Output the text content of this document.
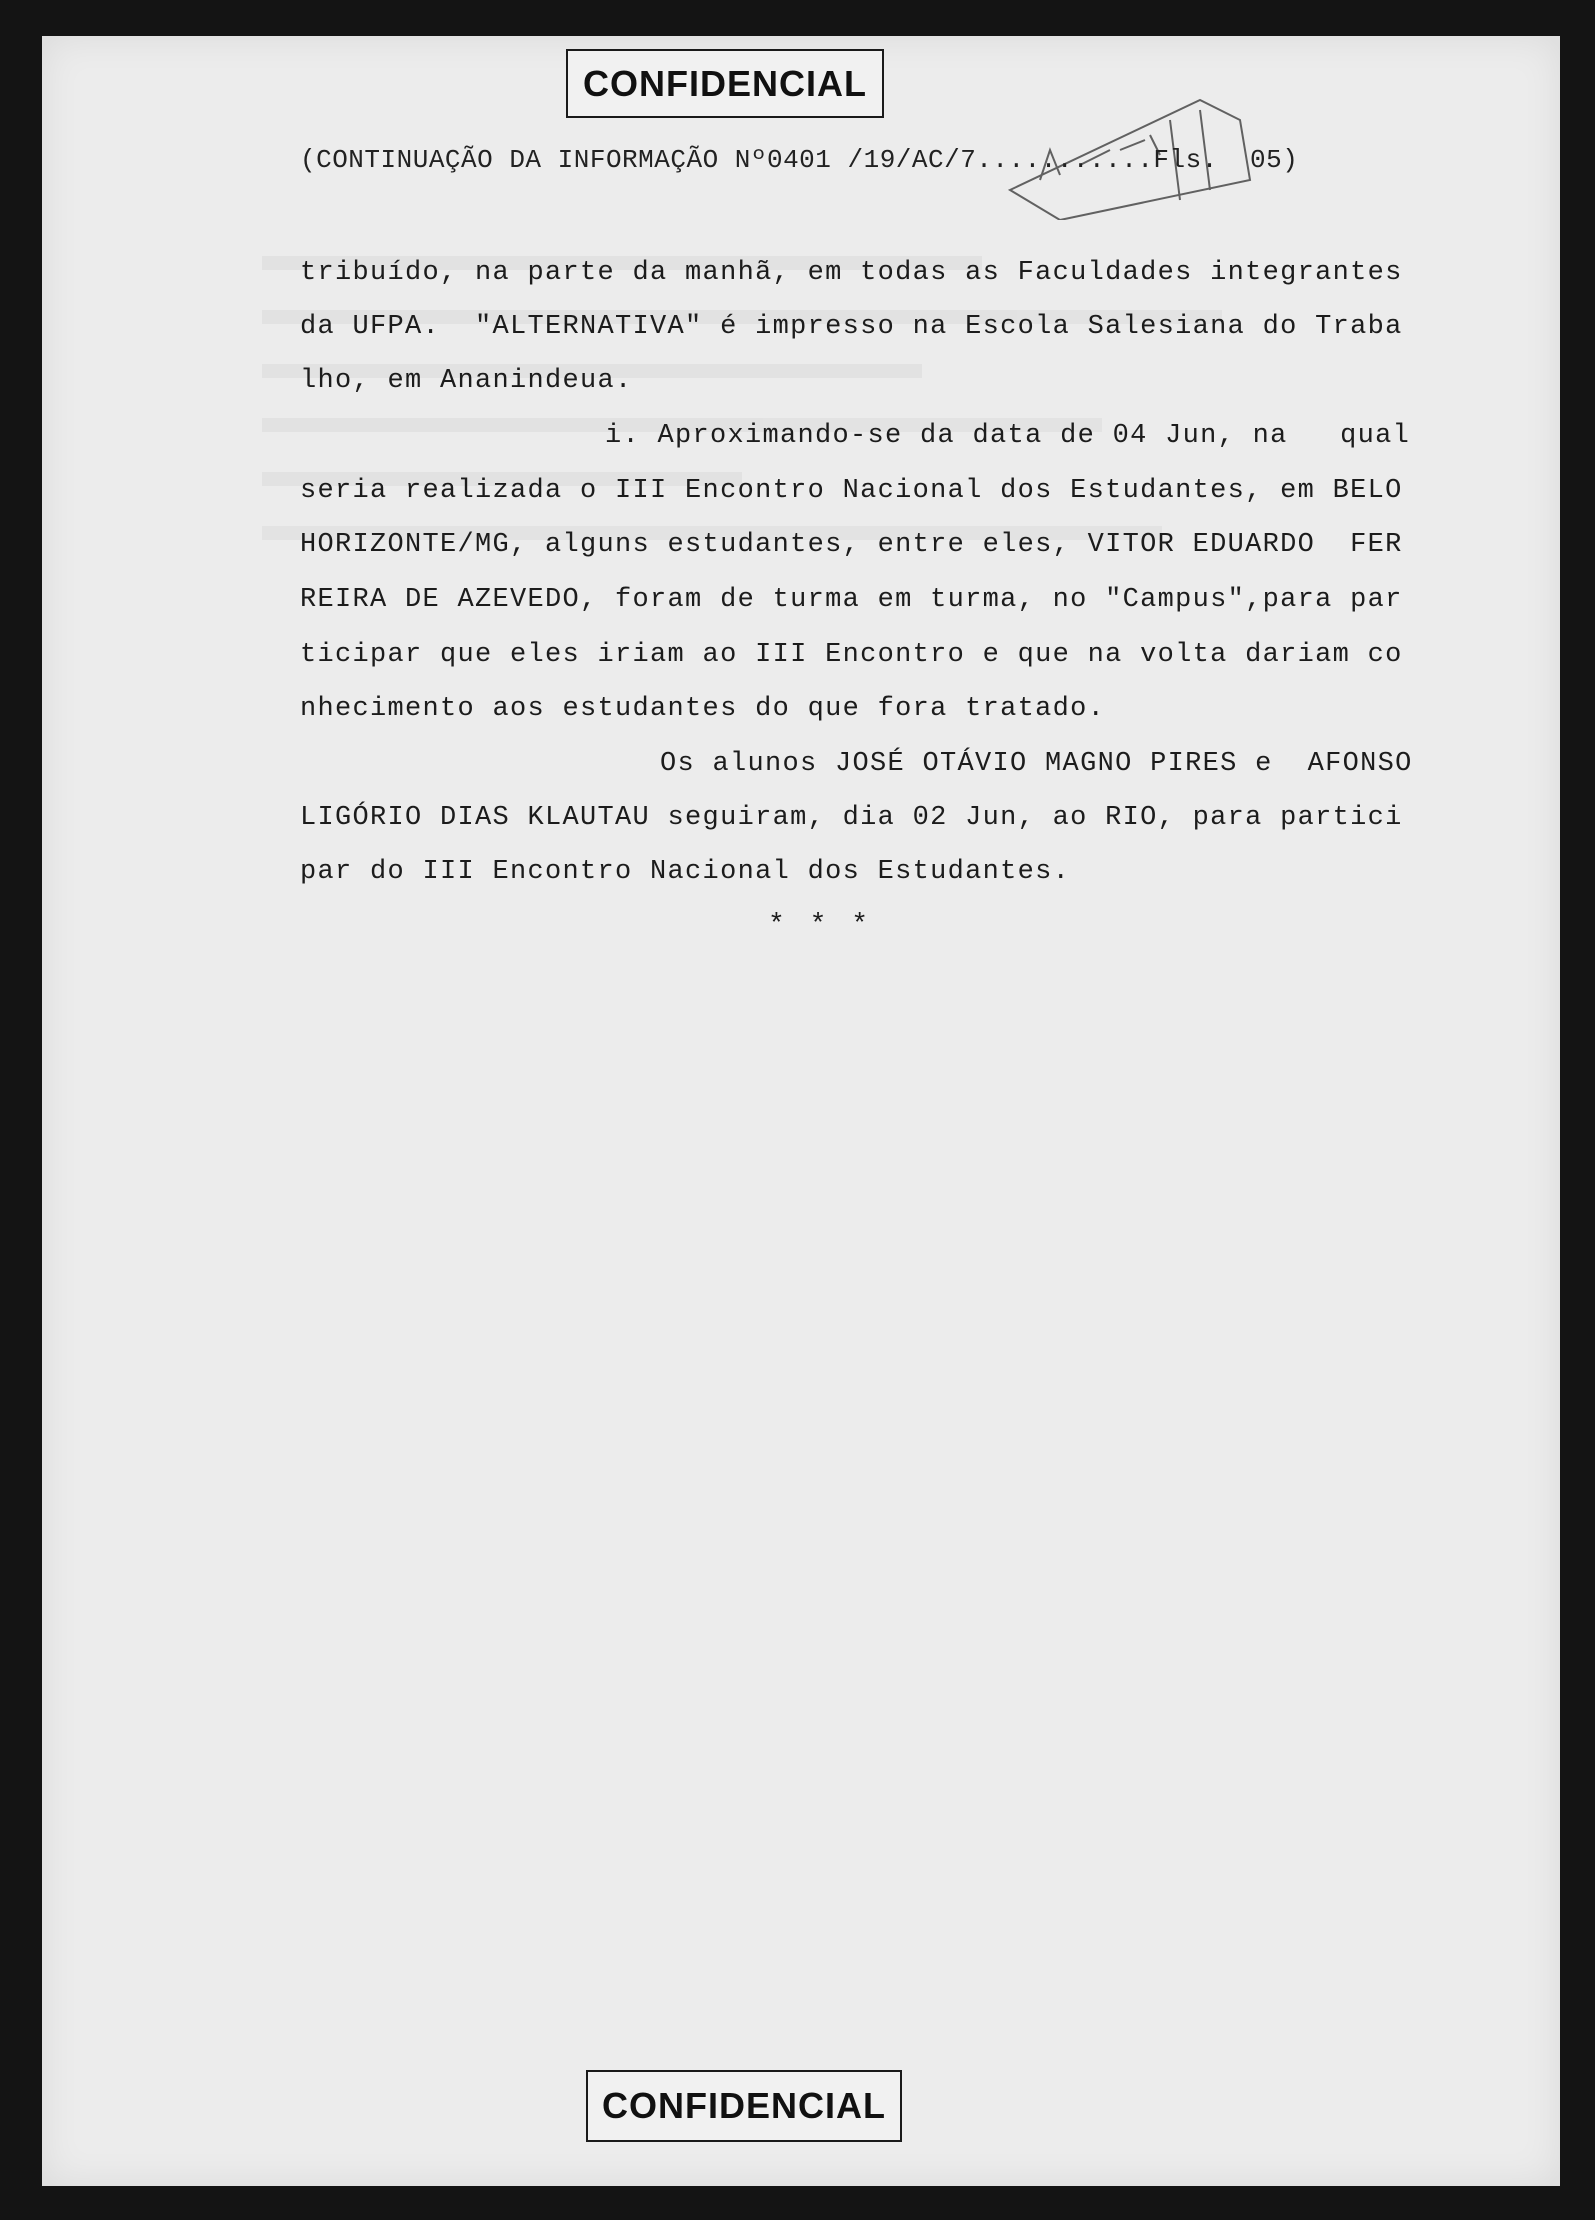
CONFIDENCIAL
(CONTINUAÇÃO DA INFORMAÇÃO Nº0401 /19/AC/7...........Fls.  05)
tribuído, na parte da manhã, em todas as Faculdades integrantes
da UFPA.  "ALTERNATIVA" é impresso na Escola Salesiana do Traba
lho, em Ananindeua.
i. Aproximando-se da data de 04 Jun, na   qual
seria realizada o III Encontro Nacional dos Estudantes, em BELO
HORIZONTE/MG, alguns estudantes, entre eles, VITOR EDUARDO  FER
REIRA DE AZEVEDO, foram de turma em turma, no "Campus",para par
ticipar que eles iriam ao III Encontro e que na volta dariam co
nhecimento aos estudantes do que fora tratado.
Os alunos JOSÉ OTÁVIO MAGNO PIRES e  AFONSO
LIGÓRIO DIAS KLAUTAU seguiram, dia 02 Jun, ao RIO, para partici
par do III Encontro Nacional dos Estudantes.
* * *
CONFIDENCIAL
